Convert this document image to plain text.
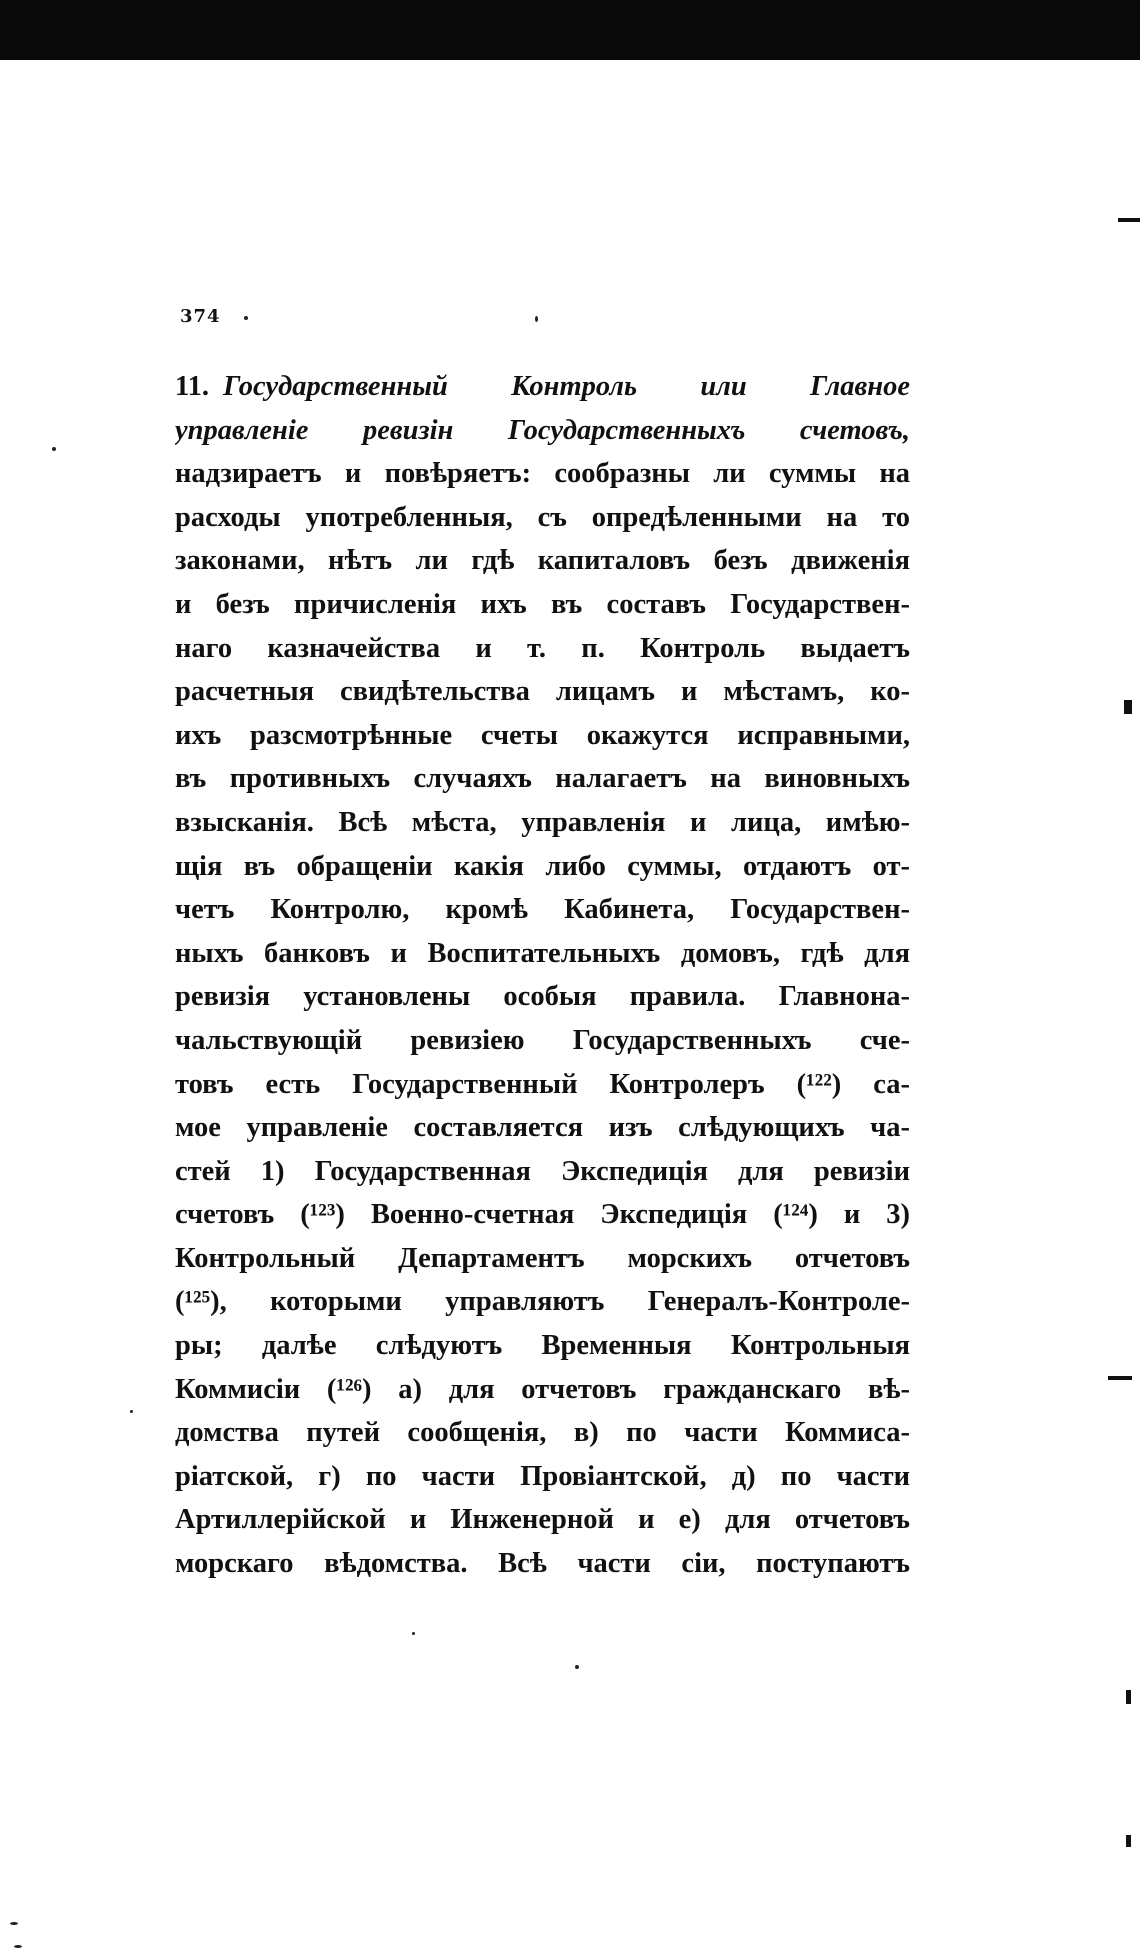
374
11. Государственный Контроль или Главное
управленіе ревизін Государственныхъ счетовъ,
надзираетъ и повѣряетъ: сообразны ли суммы на
расходы употребленныя, съ опредѣленными на то
законами, нѣтъ ли гдѣ капиталовъ безъ движенія
и безъ причисленія ихъ въ составъ Государствен-
наго казначейства и т. п. Контроль выдаетъ
расчетныя свидѣтельства лицамъ и мѣстамъ, ко-
ихъ разсмотрѣнные счеты окажутся исправными,
въ противныхъ случаяхъ налагаетъ на виновныхъ
взысканія. Всѣ мѣста, управленія и лица, имѣю-
щія въ обращеніи какія либо суммы, отдаютъ от-
четъ Контролю, кромѣ Кабинета, Государствен-
ныхъ банковъ и Воспитательныхъ домовъ, гдѣ для
ревизія установлены особыя правила. Главнона-
чальствующій ревизіею Государственныхъ сче-
товъ есть Государственный Контролеръ (¹²²) са-
мое управленіе составляется изъ слѣдующихъ ча-
стей 1) Государственная Экспедиція для ревизіи
счетовъ (¹²³) Военно-счетная Экспедиція (¹²⁴) и 3)
Контрольный Департаментъ морскихъ отчетовъ
(¹²⁵), которыми управляютъ Генералъ-Контроле-
ры; далѣе слѣдуютъ Временныя Контрольныя
Коммисіи (¹²⁶) а) для отчетовъ гражданскаго вѣ-
домства путей сообщенія, в) по части Коммиса-
ріатской, г) по части Провіантской, д) по части
Артиллерійской и Инженерной и е) для отчетовъ
морскаго вѣдомства. Всѣ части сіи, поступаютъ
